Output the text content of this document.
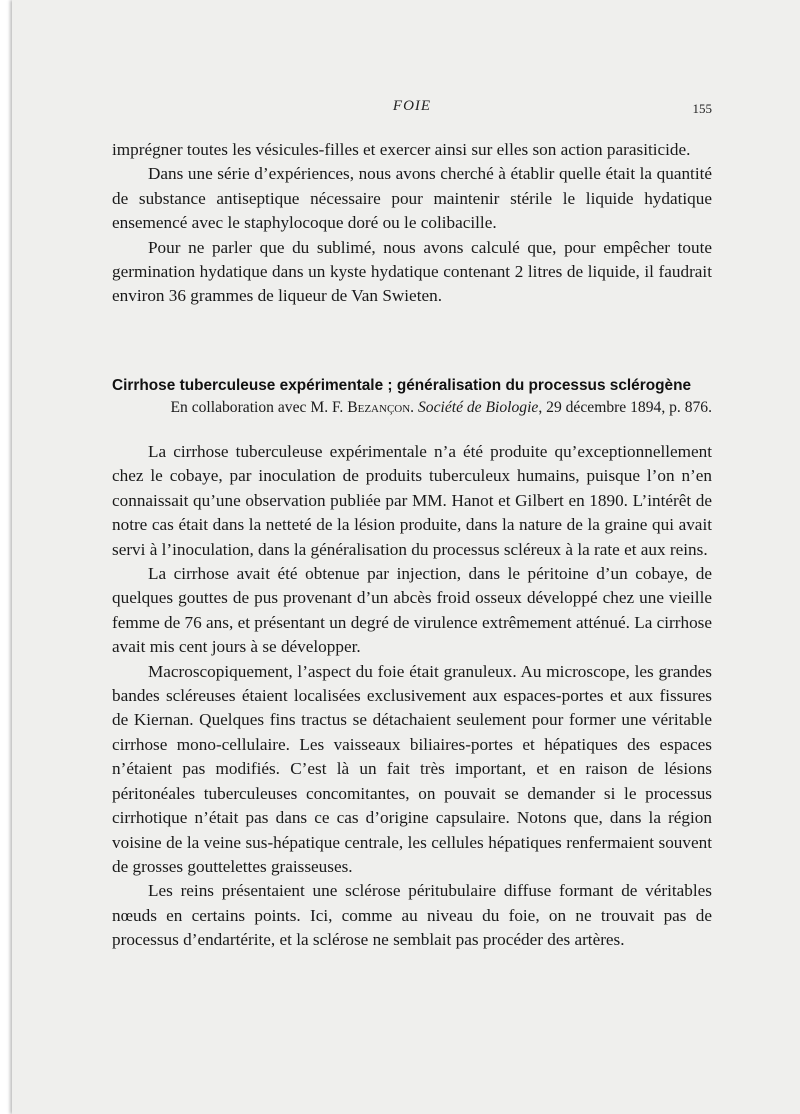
FOIE	155

imprégner toutes les vésicules-filles et exercer ainsi sur elles son action parasiticide.

Dans une série d’expériences, nous avons cherché à établir quelle était la quantité de substance antiseptique nécessaire pour maintenir stérile le liquide hydatique ensemencé avec le staphylocoque doré ou le colibacille.

Pour ne parler que du sublimé, nous avons calculé que, pour empêcher toute germination hydatique dans un kyste hydatique contenant 2 litres de liquide, il faudrait environ 36 grammes de liqueur de Van Swieten.

Cirrhose tuberculeuse expérimentale ; généralisation du processus sclérogène
En collaboration avec M. F. Bezançon. Société de Biologie, 29 décembre 1894, p. 876.

La cirrhose tuberculeuse expérimentale n’a été produite qu’exceptionnellement chez le cobaye, par inoculation de produits tuberculeux humains, puisque l’on n’en connaissait qu’une observation publiée par MM. Hanot et Gilbert en 1890. L’intérêt de notre cas était dans la netteté de la lésion produite, dans la nature de la graine qui avait servi à l’inoculation, dans la généralisation du processus scléreux à la rate et aux reins.

La cirrhose avait été obtenue par injection, dans le péritoine d’un cobaye, de quelques gouttes de pus provenant d’un abcès froid osseux développé chez une vieille femme de 76 ans, et présentant un degré de virulence extrêmement atténué. La cirrhose avait mis cent jours à se développer.

Macroscopiquement, l’aspect du foie était granuleux. Au microscope, les grandes bandes scléreuses étaient localisées exclusivement aux espaces-portes et aux fissures de Kiernan. Quelques fins tractus se détachaient seulement pour former une véritable cirrhose mono-cellulaire. Les vaisseaux biliaires-portes et hépatiques des espaces n’étaient pas modifiés. C’est là un fait très important, et en raison de lésions péritonéales tuberculeuses concomitantes, on pouvait se demander si le processus cirrhotique n’était pas dans ce cas d’origine capsulaire. Notons que, dans la région voisine de la veine sus-hépatique centrale, les cellules hépatiques renfermaient souvent de grosses gouttelettes graisseuses.

Les reins présentaient une sclérose péritubulaire diffuse formant de véritables nœuds en certains points. Ici, comme au niveau du foie, on ne trouvait pas de processus d’endartérite, et la sclérose ne semblait pas procéder des artères.
